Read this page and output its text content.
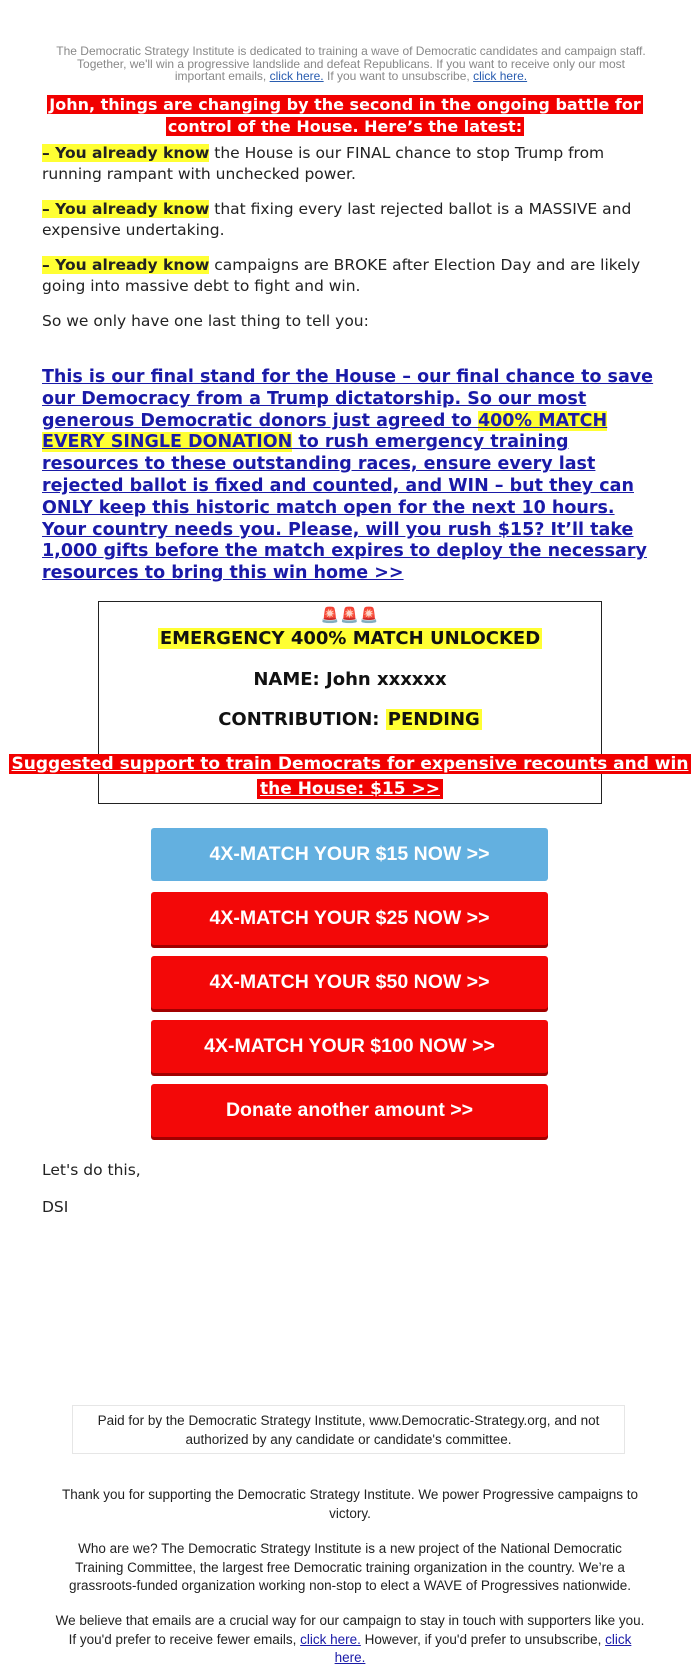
The Democratic Strategy Institute is dedicated to training a wave of Democratic candidates and campaign staff. Together, we'll win a progressive landslide and defeat Republicans. If you want to receive only our most important emails, click here. If you want to unsubscribe, click here.
John, things are changing by the second in the ongoing battle for control of the House. Here’s the latest:
– You already know the House is our FINAL chance to stop Trump from running rampant with unchecked power.
– You already know that fixing every last rejected ballot is a MASSIVE and expensive undertaking.
– You already know campaigns are BROKE after Election Day and are likely going into massive debt to fight and win.
So we only have one last thing to tell you:
This is our final stand for the House – our final chance to save our Democracy from a Trump dictatorship. So our most generous Democratic donors just agreed to 400% MATCH EVERY SINGLE DONATION to rush emergency training resources to these outstanding races, ensure every last rejected ballot is fixed and counted, and WIN – but they can ONLY keep this historic match open for the next 10 hours. Your country needs you. Please, will you rush $15? It’ll take 1,000 gifts before the match expires to deploy the necessary resources to bring this win home >>
🚨🚨🚨
EMERGENCY 400% MATCH UNLOCKED
NAME: John xxxxxx
CONTRIBUTION: PENDING
Suggested support to train Democrats for expensive recounts and win the House: $15 >>
4X-MATCH YOUR $15 NOW >>
4X-MATCH YOUR $25 NOW >>
4X-MATCH YOUR $50 NOW >>
4X-MATCH YOUR $100 NOW >>
Donate another amount >>
Let's do this,
DSI
Paid for by the Democratic Strategy Institute, www.Democratic-Strategy.org, and not authorized by any candidate or candidate's committee.
Thank you for supporting the Democratic Strategy Institute. We power Progressive campaigns to victory.
Who are we? The Democratic Strategy Institute is a new project of the National Democratic Training Committee, the largest free Democratic training organization in the country. We’re a grassroots-funded organization working non-stop to elect a WAVE of Progressives nationwide.
We believe that emails are a crucial way for our campaign to stay in touch with supporters like you. If you'd prefer to receive fewer emails, click here. However, if you'd prefer to unsubscribe, click here.
